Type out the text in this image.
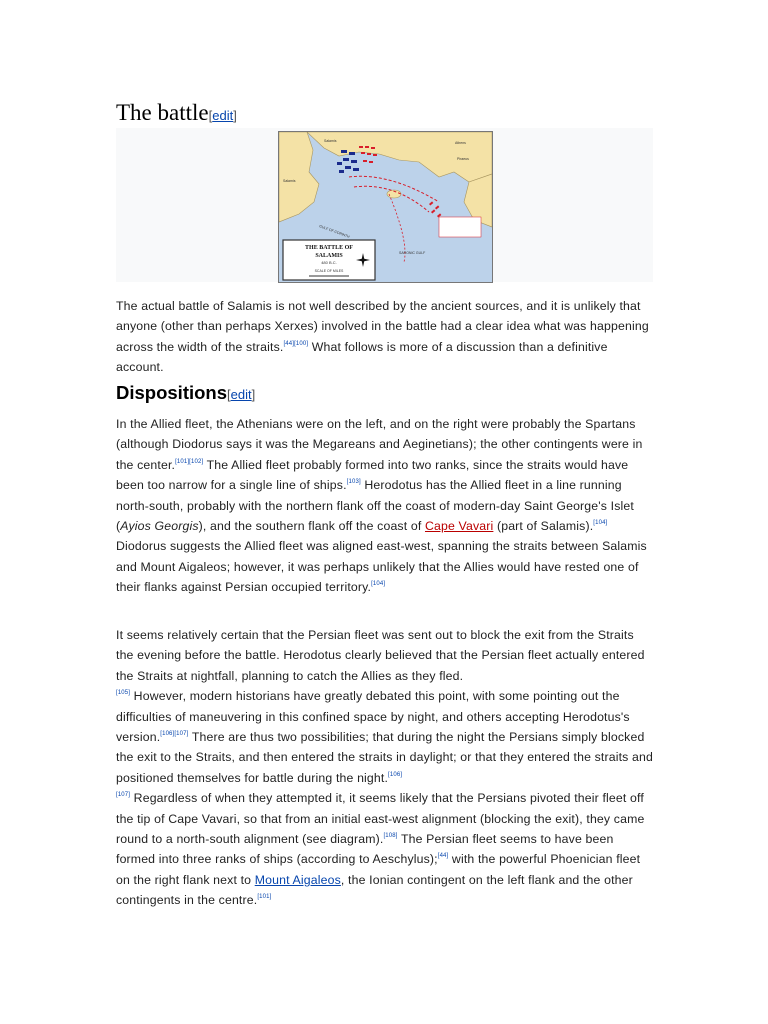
The battle[edit]
THE BATTLE OF
SALAMIS
480 B.C.
SCALE OF MILES
Salamis
Salamis
Athens
Piraeus
GULF OF CORINTH
SARONIC GULF

The actual battle of Salamis is not well described by the ancient sources, and it is unlikely that anyone (other than perhaps Xerxes) involved in the battle had a clear idea what was happening across the width of the straits.[44][100] What follows is more of a discussion than a definitive account.

Dispositions[edit]

In the Allied fleet, the Athenians were on the left, and on the right were probably the Spartans (although Diodorus says it was the Megareans and Aeginetians); the other contingents were in the center.[101][102] The Allied fleet probably formed into two ranks, since the straits would have been too narrow for a single line of ships.[103] Herodotus has the Allied fleet in a line running north-south, probably with the northern flank off the coast of modern-day Saint George's Islet (Ayios Georgis), and the southern flank off the coast of Cape Vavari (part of Salamis).[104] Diodorus suggests the Allied fleet was aligned east-west, spanning the straits between Salamis and Mount Aigaleos; however, it was perhaps unlikely that the Allies would have rested one of their flanks against Persian occupied territory.[104]

It seems relatively certain that the Persian fleet was sent out to block the exit from the Straits the evening before the battle. Herodotus clearly believed that the Persian fleet actually entered the Straits at nightfall, planning to catch the Allies as they fled.
[105] However, modern historians have greatly debated this point, with some pointing out the difficulties of maneuvering in this confined space by night, and others accepting Herodotus's version.[106][107] There are thus two possibilities; that during the night the Persians simply blocked the exit to the Straits, and then entered the straits in daylight; or that they entered the straits and positioned themselves for battle during the night.[106]
[107] Regardless of when they attempted it, it seems likely that the Persians pivoted their fleet off the tip of Cape Vavari, so that from an initial east-west alignment (blocking the exit), they came round to a north-south alignment (see diagram).[108] The Persian fleet seems to have been formed into three ranks of ships (according to Aeschylus);[44] with the powerful Phoenician fleet on the right flank next to Mount Aigaleos, the Ionian contingent on the left flank and the other contingents in the centre.[101]
